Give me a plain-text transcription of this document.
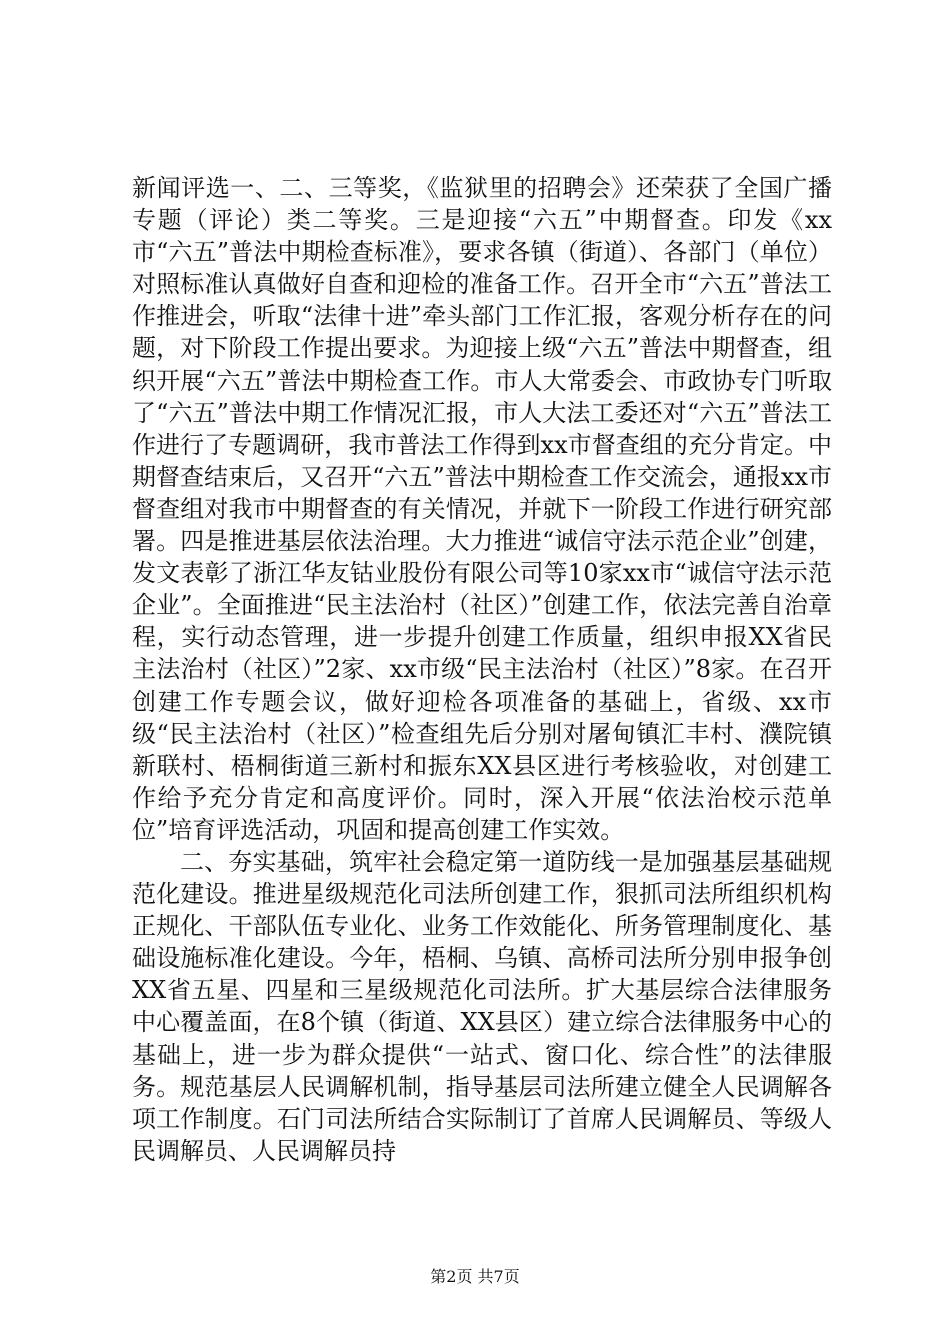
新闻评选一、二、三等奖，《监狱里的招聘会》还荣获了全国广播专题（评论）类二等奖。三是迎接“六五”中期督查。印发《xx市“六五”普法中期检查标准》，要求各镇（街道）、各部门（单位）对照标准认真做好自查和迎检的准备工作。召开全市“六五”普法工作推进会，听取“法律十进”牵头部门工作汇报，客观分析存在的问题，对下阶段工作提出要求。为迎接上级“六五”普法中期督查，组织开展“六五”普法中期检查工作。市人大常委会、市政协专门听取了“六五”普法中期工作情况汇报，市人大法工委还对“六五”普法工作进行了专题调研，我市普法工作得到xx市督查组的充分肯定。中期督查结束后，又召开“六五”普法中期检查工作交流会，通报xx市督查组对我市中期督查的有关情况，并就下一阶段工作进行研究部署。四是推进基层依法治理。大力推进“诚信守法示范企业”创建，发文表彰了浙江华友钴业股份有限公司等10家xx市“诚信守法示范企业”。全面推进“民主法治村（社区）”创建工作，依法完善自治章程，实行动态管理，进一步提升创建工作质量，组织申报XX省民主法治村（社区）”2家、xx市级“民主法治村（社区）”8家。在召开创建工作专题会议，做好迎检各项准备的基础上，省级、xx市级“民主法治村（社区）”检查组先后分别对屠甸镇汇丰村、濮院镇新联村、梧桐街道三新村和振东XX县区进行考核验收，对创建工作给予充分肯定和高度评价。同时，深入开展“依法治校示范单位”培育评选活动，巩固和提高创建工作实效。

二、夯实基础，筑牢社会稳定第一道防线一是加强基层基础规范化建设。推进星级规范化司法所创建工作，狠抓司法所组织机构正规化、干部队伍专业化、业务工作效能化、所务管理制度化、基础设施标准化建设。今年，梧桐、乌镇、高桥司法所分别申报争创XX省五星、四星和三星级规范化司法所。扩大基层综合法律服务中心覆盖面，在8个镇（街道、XX县区）建立综合法律服务中心的基础上，进一步为群众提供“一站式、窗口化、综合性”的法律服务。规范基层人民调解机制，指导基层司法所建立健全人民调解各项工作制度。石门司法所结合实际制订了首席人民调解员、等级人民调解员、人民调解员持

第2页 共7页
